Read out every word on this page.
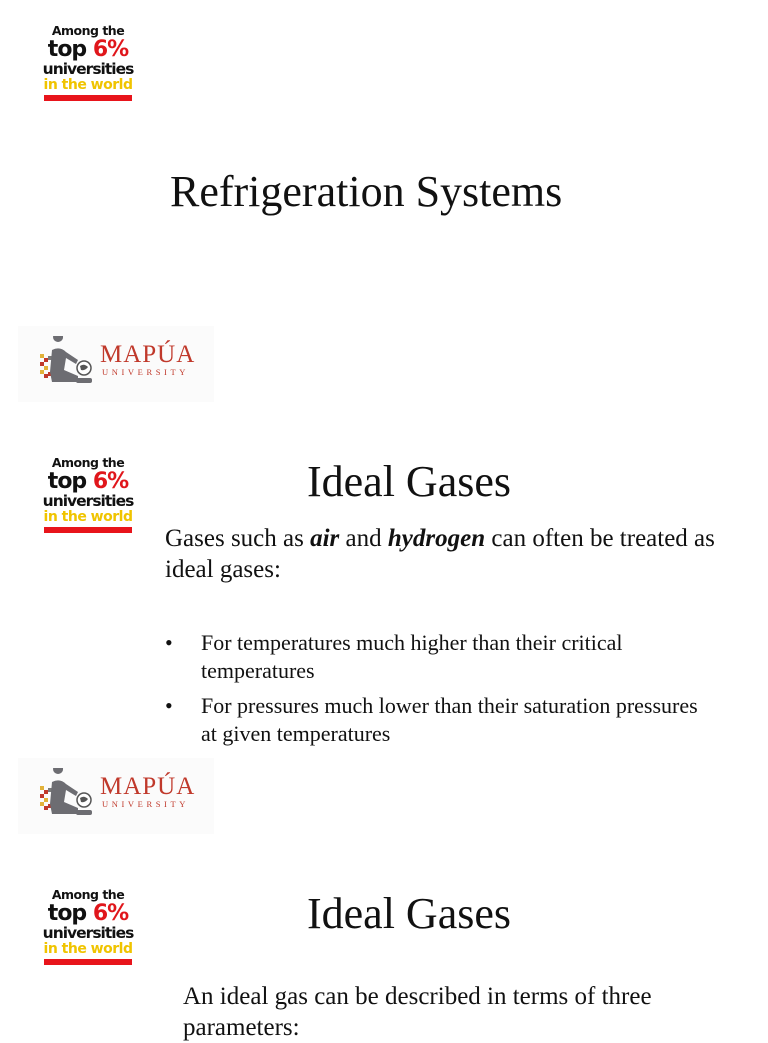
Among the
top 6%
universities
in the world
Refrigeration Systems
MAPÚA
UNIVERSITY
Among the
top 6%
universities
in the world
Ideal Gases
Gases such as air and hydrogen can often be treated as ideal gases:
• For temperatures much higher than their critical temperatures
• For pressures much lower than their saturation pressures at given temperatures
MAPÚA
UNIVERSITY
Among the
top 6%
universities
in the world
Ideal Gases
An ideal gas can be described in terms of three parameters:
